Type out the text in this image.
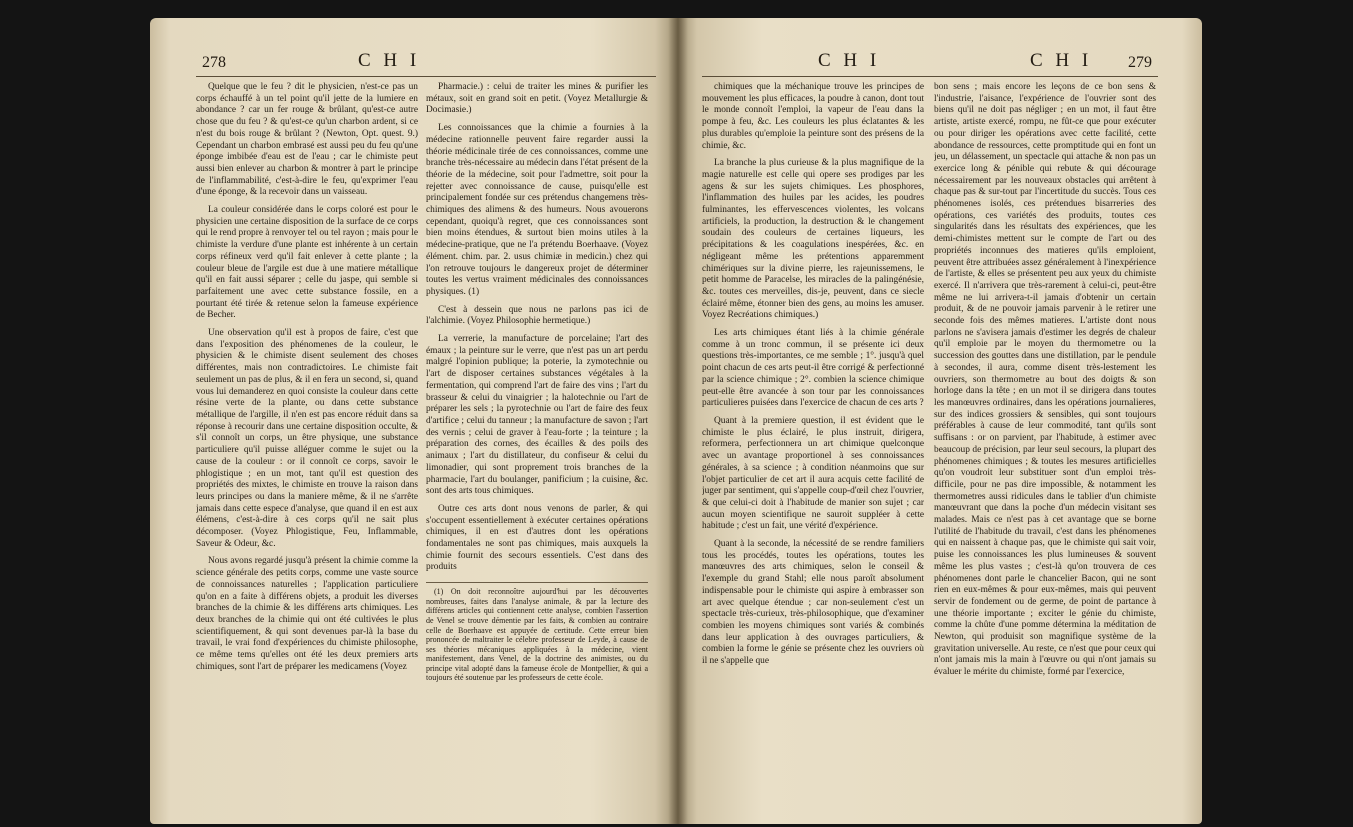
278	C H I

Quelque que le feu ? dit le physicien, n'est-ce pas un corps échauffé à un tel point qu'il jette de la lumiere en abondance ? car un fer rouge & brûlant, qu'est-ce autre chose que du feu ? & qu'est-ce qu'un charbon ardent, si ce n'est du bois rouge & brûlant ? (Newton, Opt. quest. 9.) Cependant un charbon embrasé est aussi peu du feu qu'une éponge imbibée d'eau est de l'eau ; car le chimiste peut aussi bien enlever au charbon & montrer à part le principe de l'inflammabilité, c'est-à-dire le feu, qu'exprimer l'eau d'une éponge, & la recevoir dans un vaisseau.

La couleur considérée dans le corps coloré est pour le physicien une certaine disposition de la surface de ce corps qui le rend propre à renvoyer tel ou tel rayon ; mais pour le chimiste la verdure d'une plante est inhérente à un certain corps réfineux verd qu'il fait enlever à cette plante ; la couleur bleue de l'argile est due à une matiere métallique qu'il en fait aussi séparer ; celle du jaspe, qui semble si parfaitement une avec cette substance fossile, en a pourtant été tirée & retenue selon la fameuse expérience de Becher.

Une observation qu'il est à propos de faire, c'est que dans l'exposition des phénomenes de la couleur, le physicien & le chimiste disent seulement des choses différentes, mais non contradictoires. Le chimiste fait seulement un pas de plus, & il en fera un second, si, quand vous lui demanderez en quoi consiste la couleur dans cette résine verte de la plante, ou dans cette substance métallique de l'argille, il n'en est pas encore réduit dans sa réponse à recourir dans une certaine disposition occulte, & s'il connoît un corps, un être physique, une substance particuliere qu'il puisse alléguer comme le sujet ou la cause de la couleur : or il connoît ce corps, savoir le phlogistique ; en un mot, tant qu'il est question des propriétés des mixtes, le chimiste en trouve la raison dans leurs principes ou dans la maniere même, & il ne s'arrête jamais dans cette espece d'analyse, que quand il en est aux élémens, c'est-à-dire à ces corps qu'il ne sait plus décomposer. (Voyez Phlogistique, Feu, Inflammable, Saveur & Odeur, &c.

Nous avons regardé jusqu'à présent la chimie comme la science générale des petits corps, comme une vaste source de connoissances naturelles ; l'application particuliere qu'on en a faite à différens objets, a produit les diverses branches de la chimie & les différens arts chimiques. Les deux branches de la chimie qui ont été cultivées le plus scientifiquement, & qui sont devenues par-là la base du travail, le vrai fond d'expériences du chimiste philosophe, ce même tems qu'elles ont été les deux premiers arts chimiques, sont l'art de préparer les medicamens (Voyez

Pharmacie.) : celui de traiter les mines & purifier les métaux, soit en grand soit en petit. (Voyez Metallurgie & Docimasie.)

Les connoissances que la chimie a fournies à la médecine rationnelle peuvent faire regarder aussi la théorie médicinale tirée de ces connoissances, comme une branche très-nécessaire au médecin dans l'état présent de la théorie de la médecine, soit pour l'admettre, soit pour la rejetter avec connoissance de cause, puisqu'elle est principalement fondée sur ces prétendus changemens très-chimiques des alimens & des humeurs. Nous avouerons cependant, quoiqu'à regret, que ces connoissances sont bien moins étendues, & surtout bien moins utiles à la médecine-pratique, que ne l'a prétendu Boerhaave. (Voyez élément. chim. par. 2. usus chimiæ in medicin.) chez qui l'on retrouve toujours le dangereux projet de déterminer toutes les vertus vraiment médicinales des connoissances physiques. (1)

C'est à dessein que nous ne parlons pas ici de l'alchimie. (Voyez Philosophie hermetique.)

La verrerie, la manufacture de porcelaine; l'art des émaux ; la peinture sur le verre, que n'est pas un art perdu malgré l'opinion publique; la poterie, la zymotechnie ou l'art de disposer certaines substances végétales à la fermentation, qui comprend l'art de faire des vins ; l'art du brasseur & celui du vinaigrier ; la halotechnie ou l'art de préparer les sels ; la pyrotechnie ou l'art de faire des feux d'artifice ; celui du tanneur ; la manufacture de savon ; l'art des vernis ; celui de graver à l'eau-forte ; la teinture ; la préparation des cornes, des écailles & des poils des animaux ; l'art du distillateur, du confiseur & celui du limonadier, qui sont proprement trois branches de la pharmacie, l'art du boulanger, panificium ; la cuisine, &c. sont des arts tous chimiques.

Outre ces arts dont nous venons de parler, & qui s'occupent essentiellement à exécuter certaines opérations chimiques, il en est d'autres dont les opérations fondamentales ne sont pas chimiques, mais auxquels la chimie fournit des secours essentiels. C'est dans des produits

(1) On doit reconnoître aujourd'hui par les découvertes nombreuses, faites dans l'analyse animale, & par la lecture des différens articles qui contiennent cette analyse, combien l'assertion de Venel se trouve démentie par les faits, & combien au contraire celle de Boerhaave est appuyée de certitude. Cette erreur bien prononcée de maltraiter le célebre professeur de Leyde, à cause de ses théories mécaniques appliquées à la médecine, vient manifestement, dans Venel, de la doctrine des animistes, ou du principe vital adopté dans la fameuse école de Montpellier, & qui a toujours été soutenue par les professeurs de cette école.

C H I	C H I 279

chimiques que la méchanique trouve les principes de mouvement les plus efficaces, la poudre à canon, dont tout le monde connoît l'emploi, la vapeur de l'eau dans la pompe à feu, &c. Les couleurs les plus éclatantes & les plus durables qu'emploie la peinture sont des présens de la chimie, &c.

La branche la plus curieuse & la plus magnifique de la magie naturelle est celle qui opere ses prodiges par les agens & sur les sujets chimiques. Les phosphores, l'inflammation des huiles par les acides, les poudres fulminantes, les effervescences violentes, les volcans artificiels, la production, la destruction & le changement soudain des couleurs de certaines liqueurs, les précipitations & les coagulations inespérées, &c. en négligeant même les prétentions apparemment chimériques sur la divine pierre, les rajeunissemens, le petit homme de Paracelse, les miracles de la palingénésie, &c. toutes ces merveilles, dis-je, peuvent, dans ce siecle éclairé même, étonner bien des gens, au moins les amuser. Voyez Recréations chimiques.)

Les arts chimiques étant liés à la chimie générale comme à un tronc commun, il se présente ici deux questions très-importantes, ce me semble ; 1°. jusqu'à quel point chacun de ces arts peut-il être corrigé & perfectionné par la science chimique ; 2°. combien la science chimique peut-elle être avancée à son tour par les connoissances particulieres puisées dans l'exercice de chacun de ces arts ?

Quant à la premiere question, il est évident que le chimiste le plus éclairé, le plus instruit, dirigera, reformera, perfectionnera un art chimique quelconque avec un avantage proportionel à ses connoissances générales, à sa science ; à condition néanmoins que sur l'objet particulier de cet art il aura acquis cette facilité de juger par sentiment, qui s'appelle coup-d'œil chez l'ouvrier, & que celui-ci doit à l'habitude de manier son sujet ; car aucun moyen scientifique ne sauroit suppléer à cette habitude ; c'est un fait, une vérité d'expérience.

Quant à la seconde, la nécessité de se rendre familiers tous les procédés, toutes les opérations, toutes les manœuvres des arts chimiques, selon le conseil & l'exemple du grand Stahl; elle nous paroît absolument indispensable pour le chimiste qui aspire à embrasser son art avec quelque étendue ; car non-seulement c'est un spectacle très-curieux, très-philosophique, que d'examiner combien les moyens chimiques sont variés & combinés dans leur application à des ouvrages particuliers, & combien la forme le génie se présente chez les ouvriers où il ne s'appelle que

bon sens ; mais encore les leçons de ce bon sens & l'industrie, l'aisance, l'expérience de l'ouvrier sont des biens qu'il ne doit pas négliger ; en un mot, il faut être artiste, artiste exercé, rompu, ne fût-ce que pour exécuter ou pour diriger les opérations avec cette facilité, cette abondance de ressources, cette promptitude qui en font un jeu, un délassement, un spectacle qui attache & non pas un exercice long & pénible qui rebute & qui décourage nécessairement par les nouveaux obstacles qui arrêtent à chaque pas & sur-tout par l'incertitude du succès. Tous ces phénomenes isolés, ces prétendues bisarreries des opérations, ces variétés des produits, toutes ces singularités dans les résultats des expériences, que les demi-chimistes mettent sur le compte de l'art ou des propriétés inconnues des matieres qu'ils emploient, peuvent être attribuées assez généralement à l'inexpérience de l'artiste, & elles se présentent peu aux yeux du chimiste exercé. Il n'arrivera que très-rarement à celui-ci, peut-être même ne lui arrivera-t-il jamais d'obtenir un certain produit, & de ne pouvoir jamais parvenir à le retirer une seconde fois des mêmes matieres. L'artiste dont nous parlons ne s'avisera jamais d'estimer les degrés de chaleur qu'il emploie par le moyen du thermometre ou la succession des gouttes dans une distillation, par le pendule à secondes, il aura, comme disent très-lestement les ouvriers, son thermometre au bout des doigts & son horloge dans la tête ; en un mot il se dirigera dans toutes les manœuvres ordinaires, dans les opérations journalieres, sur des indices grossiers & sensibles, qui sont toujours préférables à cause de leur commodité, tant qu'ils sont suffisans : or on parvient, par l'habitude, à estimer avec beaucoup de précision, par leur seul secours, la plupart des phénomenes chimiques ; & toutes les mesures artificielles qu'on voudroit leur substituer sont d'un emploi très-difficile, pour ne pas dire impossible, & notamment les thermometres aussi ridicules dans le tablier d'un chimiste manœuvrant que dans la poche d'un médecin visitant ses malades. Mais ce n'est pas à cet avantage que se borne l'utilité de l'habitude du travail, c'est dans les phénomenes qui en naissent à chaque pas, que le chimiste qui sait voir, puise les connoissances les plus lumineuses & souvent même les plus vastes ; c'est-là qu'on trouvera de ces phénomenes dont parle le chancelier Bacon, qui ne sont rien en eux-mêmes & pour eux-mêmes, mais qui peuvent servir de fondement ou de germe, de point de partance à une théorie importante ; exciter le génie du chimiste, comme la chûte d'une pomme détermina la méditation de Newton, qui produisit son magnifique système de la gravitation universelle. Au reste, ce n'est que pour ceux qui n'ont jamais mis la main à l'œuvre ou qui n'ont jamais su évaluer le mérite du chimiste, formé par l'exercice,
